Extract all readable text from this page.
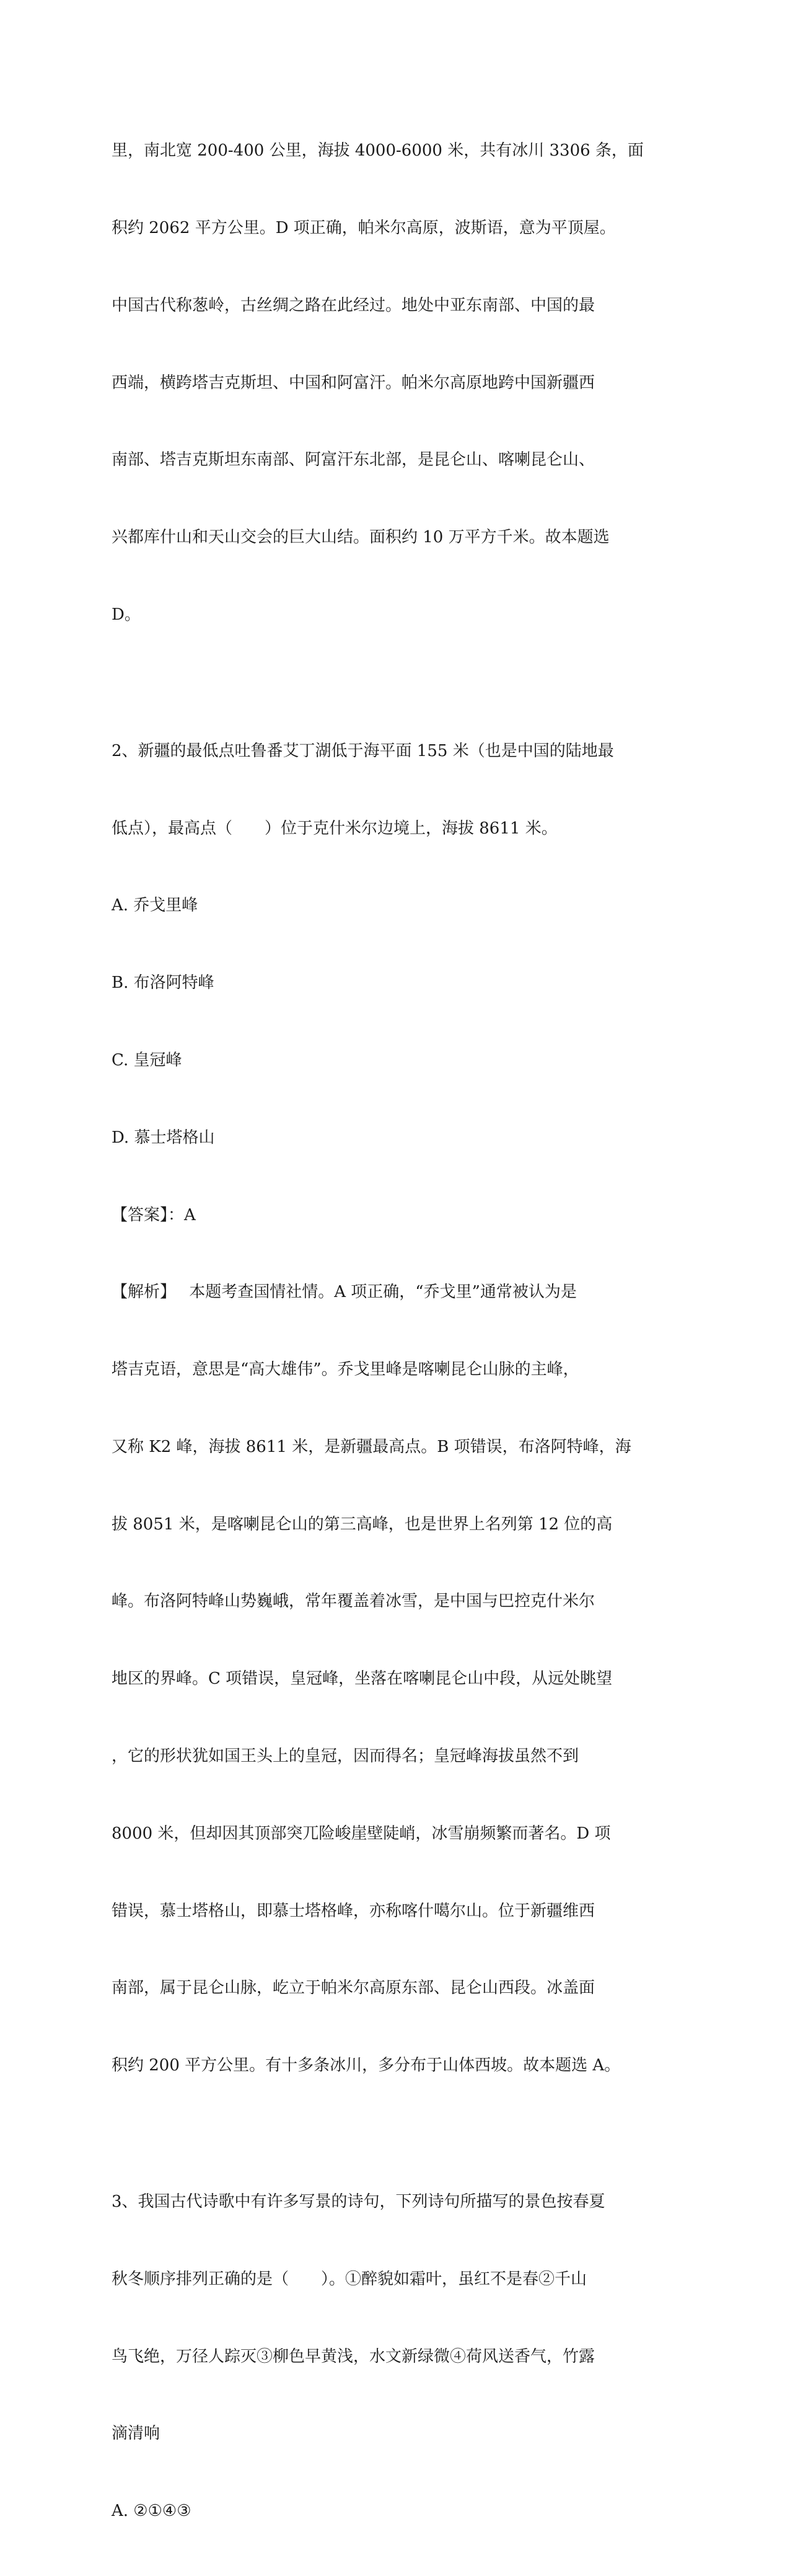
里，南北宽 200-400 公里，海拔 4000-6000 米，共有冰川 3306 条，面

积约 2062 平方公里。D 项正确，帕米尔高原，波斯语，意为平顶屋。

中国古代称葱岭，古丝绸之路在此经过。地处中亚东南部、中国的最

西端，横跨塔吉克斯坦、中国和阿富汗。帕米尔高原地跨中国新疆西

南部、塔吉克斯坦东南部、阿富汗东北部，是昆仑山、喀喇昆仑山、

兴都库什山和天山交会的巨大山结。面积约 10 万平方千米。故本题选

D。

2、新疆的最低点吐鲁番艾丁湖低于海平面 155 米（也是中国的陆地最

低点），最高点（　　）位于克什米尔边境上，海拔 8611 米。

A. 乔戈里峰

B. 布洛阿特峰

C. 皇冠峰

D. 慕士塔格山

【答案】：A

【解析】　 本题考查国情社情。A 项正确，“乔戈里”通常被认为是

塔吉克语，意思是“高大雄伟”。乔戈里峰是喀喇昆仑山脉的主峰，

又称 K2 峰，海拔 8611 米，是新疆最高点。B 项错误，布洛阿特峰，海

拔 8051 米，是喀喇昆仑山的第三高峰，也是世界上名列第 12 位的高

峰。布洛阿特峰山势巍峨，常年覆盖着冰雪，是中国与巴控克什米尔

地区的界峰。C 项错误，皇冠峰，坐落在喀喇昆仑山中段，从远处眺望

，它的形状犹如国王头上的皇冠，因而得名；皇冠峰海拔虽然不到

8000 米，但却因其顶部突兀险峻崖壁陡峭，冰雪崩频繁而著名。D 项

错误，慕士塔格山，即慕士塔格峰，亦称喀什噶尔山。位于新疆维西

南部，属于昆仑山脉，屹立于帕米尔高原东部、昆仑山西段。冰盖面

积约 200 平方公里。有十多条冰川，多分布于山体西坡。故本题选 A。

3、我国古代诗歌中有许多写景的诗句，下列诗句所描写的景色按春夏

秋冬顺序排列正确的是（　　）。①醉貌如霜叶，虽红不是春②千山

鸟飞绝，万径人踪灭③柳色早黄浅，水文新绿微④荷风送香气，竹露

滴清响

A. ②①④③
